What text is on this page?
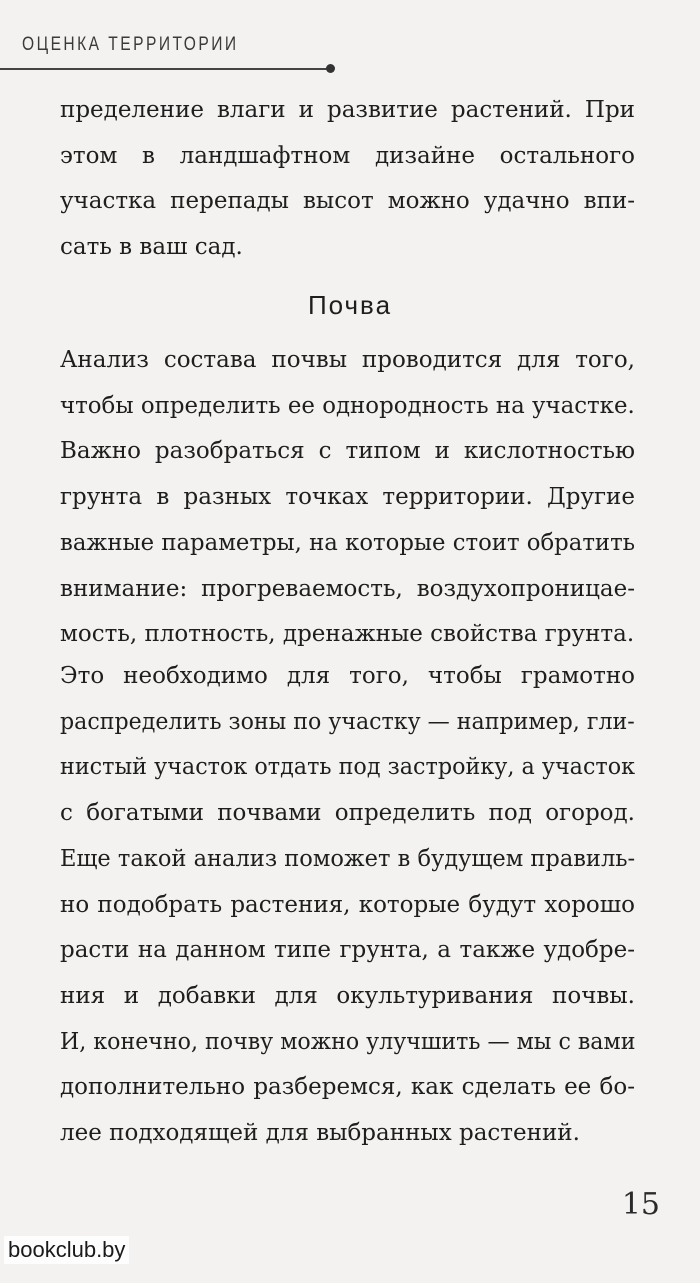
ОЦЕНКА ТЕРРИТОРИИ
пределение влаги и развитие растений. При
этом в ландшафтном дизайне остального
участка перепады высот можно удачно впи-
сать в ваш сад.
Почва
Анализ состава почвы проводится для того,
чтобы определить ее однородность на участке.
Важно разобраться с типом и кислотностью
грунта в разных точках территории. Другие
важные параметры, на которые стоит обратить
внимание: прогреваемость, воздухопроницае-
мость, плотность, дренажные свойства грунта.
Это необходимо для того, чтобы грамотно
распределить зоны по участку — например, гли-
нистый участок отдать под застройку, а участок
с богатыми почвами определить под огород.
Еще такой анализ поможет в будущем правиль-
но подобрать растения, которые будут хорошо
расти на данном типе грунта, а также удобре-
ния и добавки для окультуривания почвы.
И, конечно, почву можно улучшить — мы с вами
дополнительно разберемся, как сделать ее бо-
лее подходящей для выбранных растений.
15
bookclub.by
